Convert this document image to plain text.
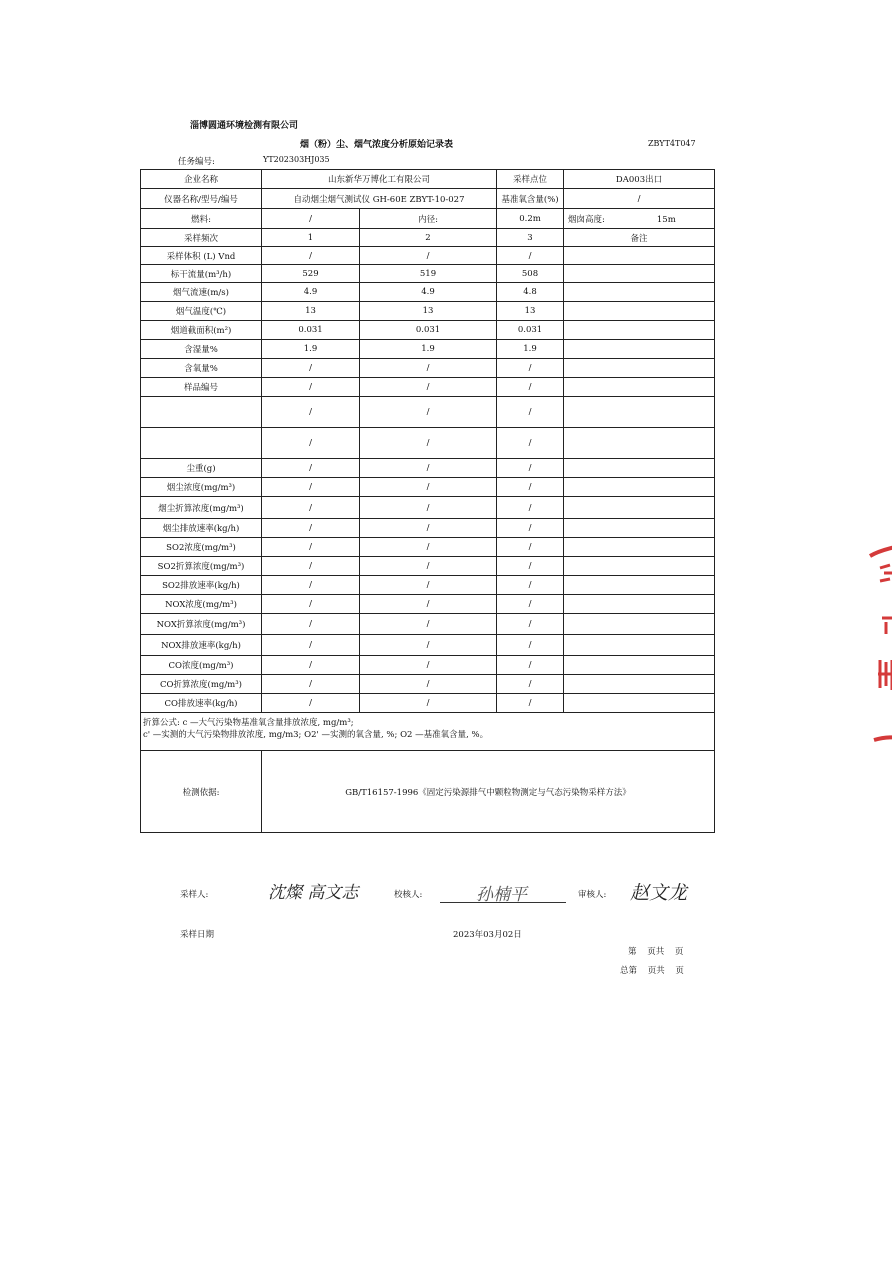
淄博圆通环境检测有限公司
烟（粉）尘、烟气浓度分析原始记录表	ZBYT4T047
任务编号:	YT202303HJ035
企业名称	山东新华万博化工有限公司		采样点位	DA003出口
仪器名称/型号/编号	自动烟尘烟气测试仪 GH-60E ZBYT-10-027		基准氧含量(%)	/
燃料:	/	内径:	0.2m	烟囱高度: 15m
采样频次	1	2	3	备注
采样体积 (L) Vnd	/	/	/	
标干流量(m³/h)	529	519	508	
烟气流速(m/s)	4.9	4.9	4.8	
烟气温度(℃)	13	13	13	
烟道截面积(m²)	0.031	0.031	0.031	
含湿量%	1.9	1.9	1.9	
含氧量%	/	/	/	
样品编号	/	/	/	
	/	/	/	
	/	/	/	
尘重(g)	/	/	/	
烟尘浓度(mg/m³)	/	/	/	
烟尘折算浓度(mg/m³)	/	/	/	
烟尘排放速率(kg/h)	/	/	/	
SO2浓度(mg/m³)	/	/	/	
SO2折算浓度(mg/m³)	/	/	/	
SO2排放速率(kg/h)	/	/	/	
NOX浓度(mg/m³)	/	/	/	
NOX折算浓度(mg/m³)	/	/	/	
NOX排放速率(kg/h)	/	/	/	
CO浓度(mg/m³)	/	/	/	
CO折算浓度(mg/m³)	/	/	/	
CO排放速率(kg/h)	/	/	/	

折算公式: c —大气污染物基准氧含量排放浓度, mg/m³;
c' —实测的大气污染物排放浓度, mg/m3; O2' —实测的氧含量, %; O2 —基准氧含量, %。				

检测依据:	GB/T16157-1996《固定污染源排气中颗粒物测定与气态污染物采样方法》			
采样人:	沈燦 高文志	校核人:	孙楠平	审核人: 赵文龙
采样日期	2023年03月02日
第 页共 页
总第 页共 页
